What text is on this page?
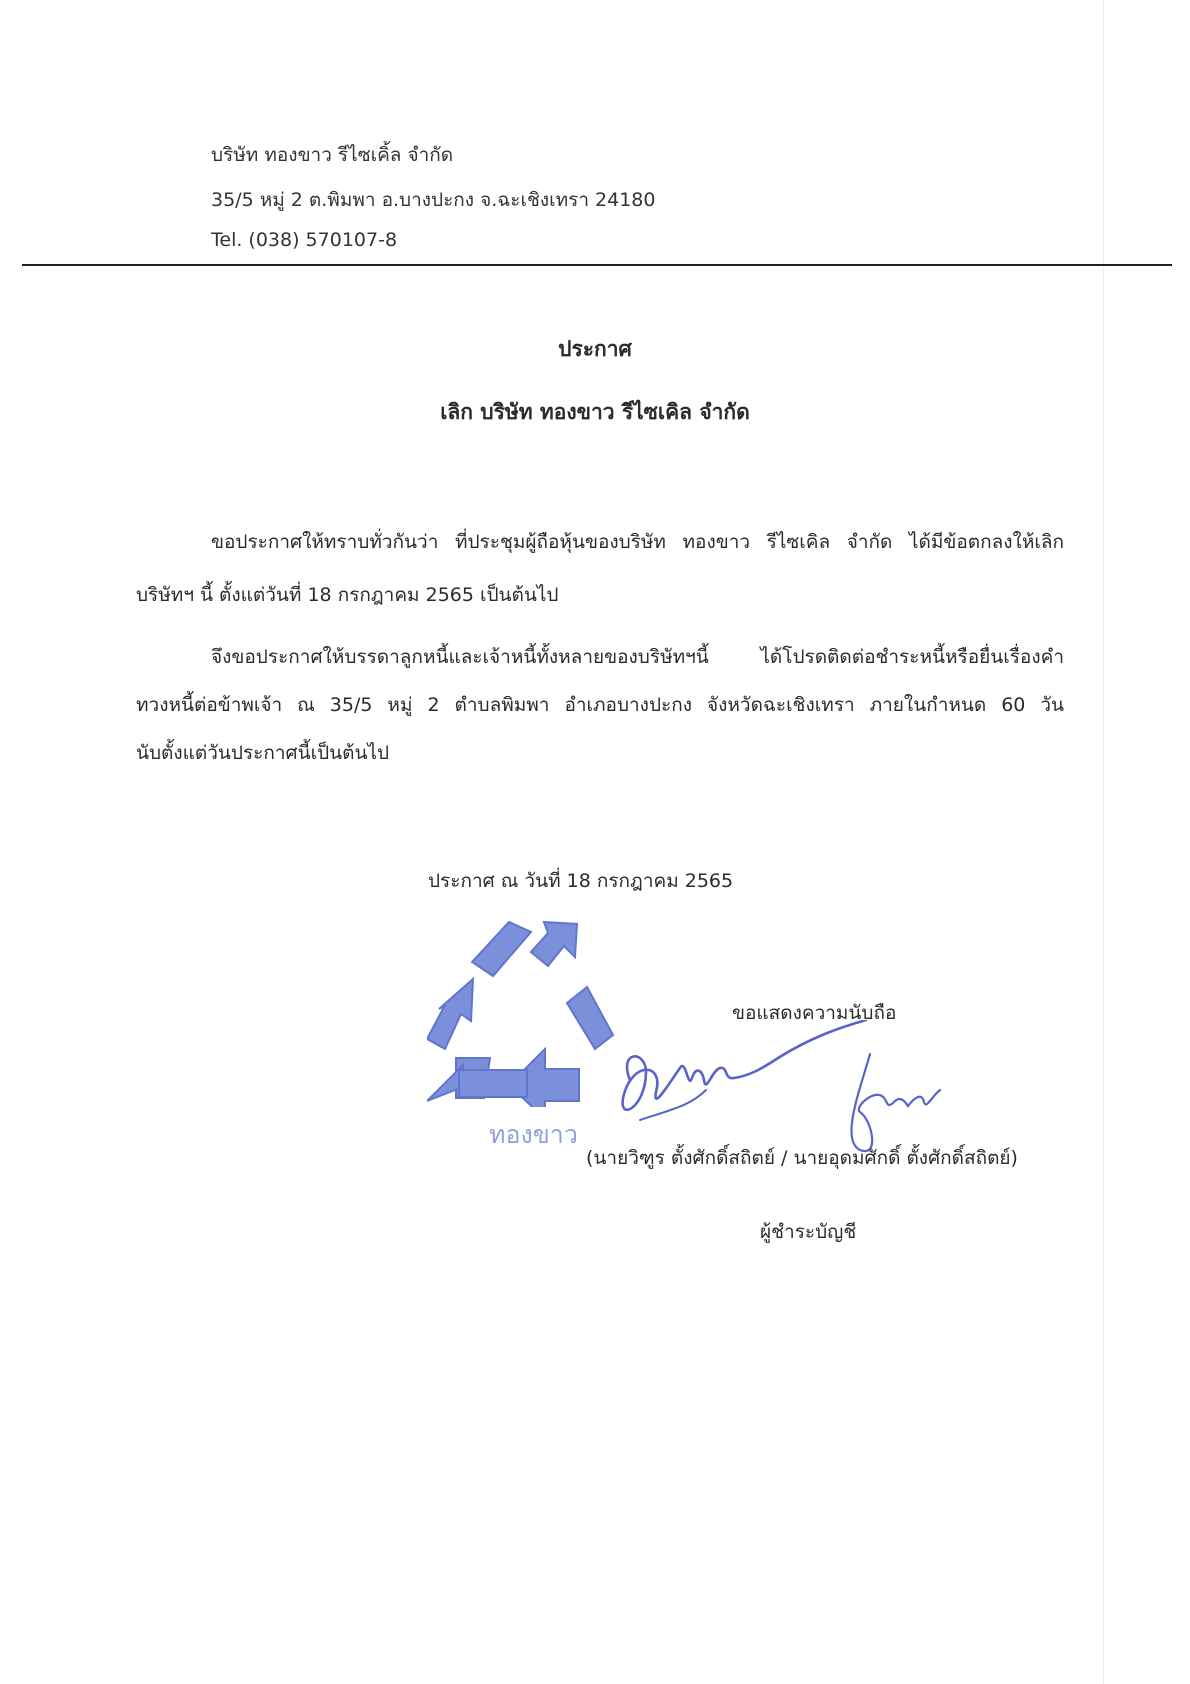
บริษัท ทองขาว รีไซเคิ้ล จำกัด
35/5 หมู่ 2 ต.พิมพา อ.บางปะกง จ.ฉะเชิงเทรา 24180
Tel. (038) 570107-8
ประกาศ
เลิก บริษัท ทองขาว รีไซเคิล จำกัด
ขอประกาศให้ทราบทั่วกันว่า ที่ประชุมผู้ถือหุ้นของบริษัท ทองขาว รีไซเคิล จำกัด ได้มีข้อตกลงให้เลิก
บริษัทฯ นี้ ตั้งแต่วันที่ 18 กรกฎาคม 2565 เป็นต้นไป
จึงขอประกาศให้บรรดาลูกหนี้และเจ้าหนี้ทั้งหลายของบริษัทฯนี้ ได้โปรดติดต่อชำระหนี้หรือยื่นเรื่องคำ
ทวงหนี้ต่อข้าพเจ้า ณ 35/5 หมู่ 2 ตำบลพิมพา อำเภอบางปะกง จังหวัดฉะเชิงเทรา ภายในกำหนด 60 วัน
นับตั้งแต่วันประกาศนี้เป็นต้นไป
ประกาศ ณ วันที่ 18 กรกฎาคม 2565
ทองขาว
ขอแสดงความนับถือ
(นายวิฑูร ตั้งศักดิ์สถิตย์ / นายอุดมศักดิ์ ตั้งศักดิ์สถิตย์)
ผู้ชำระบัญชี
